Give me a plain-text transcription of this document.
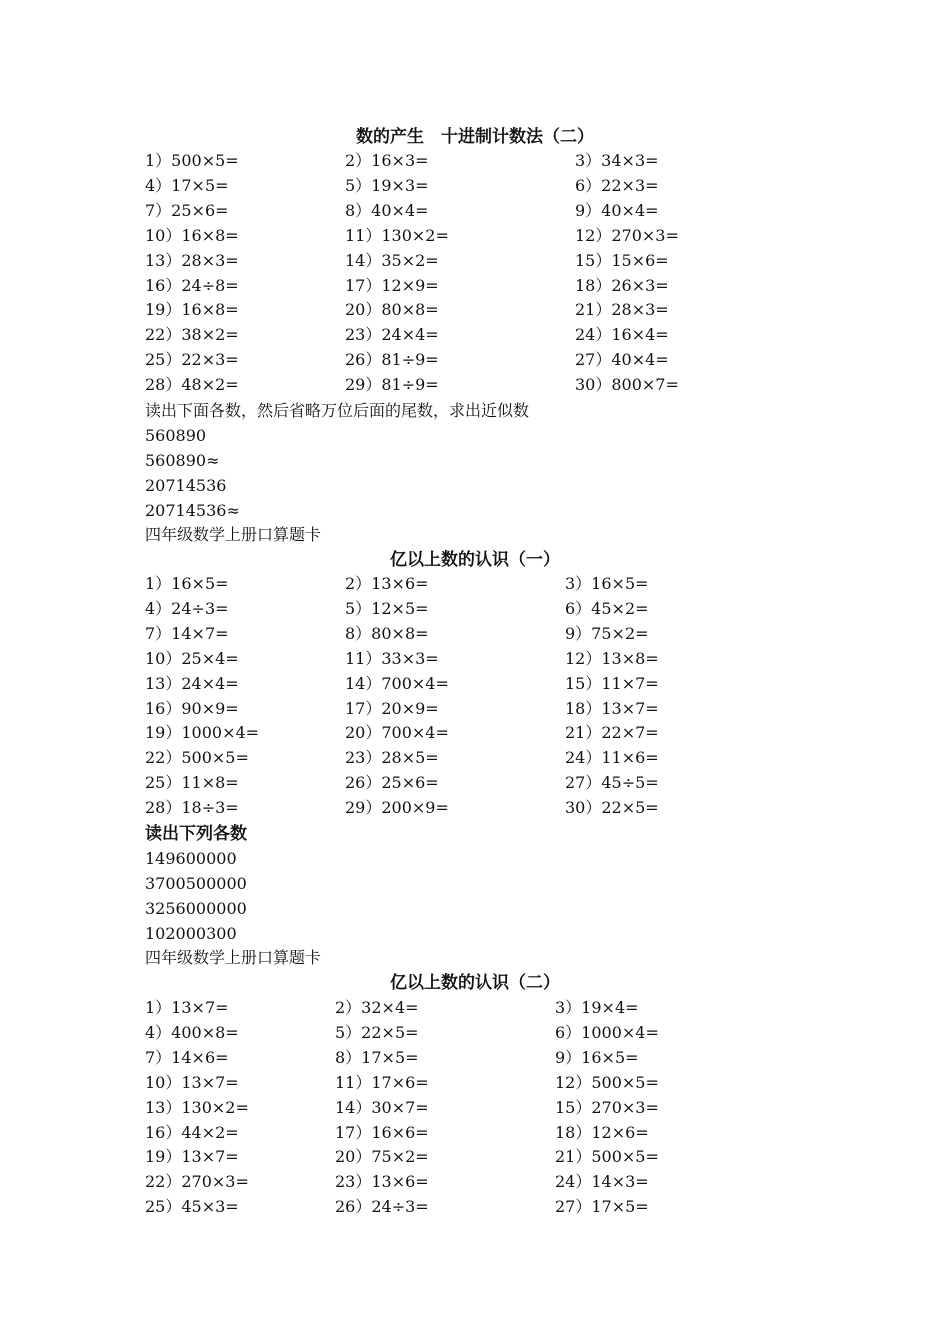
数的产生　十进制计数法（二）
1）500×5=	2）16×3=	3）34×3=
4）17×5=	5）19×3=	6）22×3=
7）25×6=	8）40×4=	9）40×4=
10）16×8=	11）130×2=	12）270×3=
13）28×3=	14）35×2=	15）15×6=
16）24÷8=	17）12×9=	18）26×3=
19）16×8=	20）80×8=	21）28×3=
22）38×2=	23）24×4=	24）16×4=
25）22×3=	26）81÷9=	27）40×4=
28）48×2=	29）81÷9=	30）800×7=
读出下面各数，然后省略万位后面的尾数，求出近似数
560890
560890≈
20714536
20714536≈
四年级数学上册口算题卡
亿以上数的认识（一）
1）16×5=	2）13×6=	3）16×5=
4）24÷3=	5）12×5=	6）45×2=
7）14×7=	8）80×8=	9）75×2=
10）25×4=	11）33×3=	12）13×8=
13）24×4=	14）700×4=	15）11×7=
16）90×9=	17）20×9=	18）13×7=
19）1000×4=	20）700×4=	21）22×7=
22）500×5=	23）28×5=	24）11×6=
25）11×8=	26）25×6=	27）45÷5=
28）18÷3=	29）200×9=	30）22×5=
读出下列各数
149600000
3700500000
3256000000
102000300
四年级数学上册口算题卡
亿以上数的认识（二）
1）13×7=	2）32×4=	3）19×4=
4）400×8=	5）22×5=	6）1000×4=
7）14×6=	8）17×5=	9）16×5=
10）13×7=	11）17×6=	12）500×5=
13）130×2=	14）30×7=	15）270×3=
16）44×2=	17）16×6=	18）12×6=
19）13×7=	20）75×2=	21）500×5=
22）270×3=	23）13×6=	24）14×3=
25）45×3=	26）24÷3=	27）17×5=
